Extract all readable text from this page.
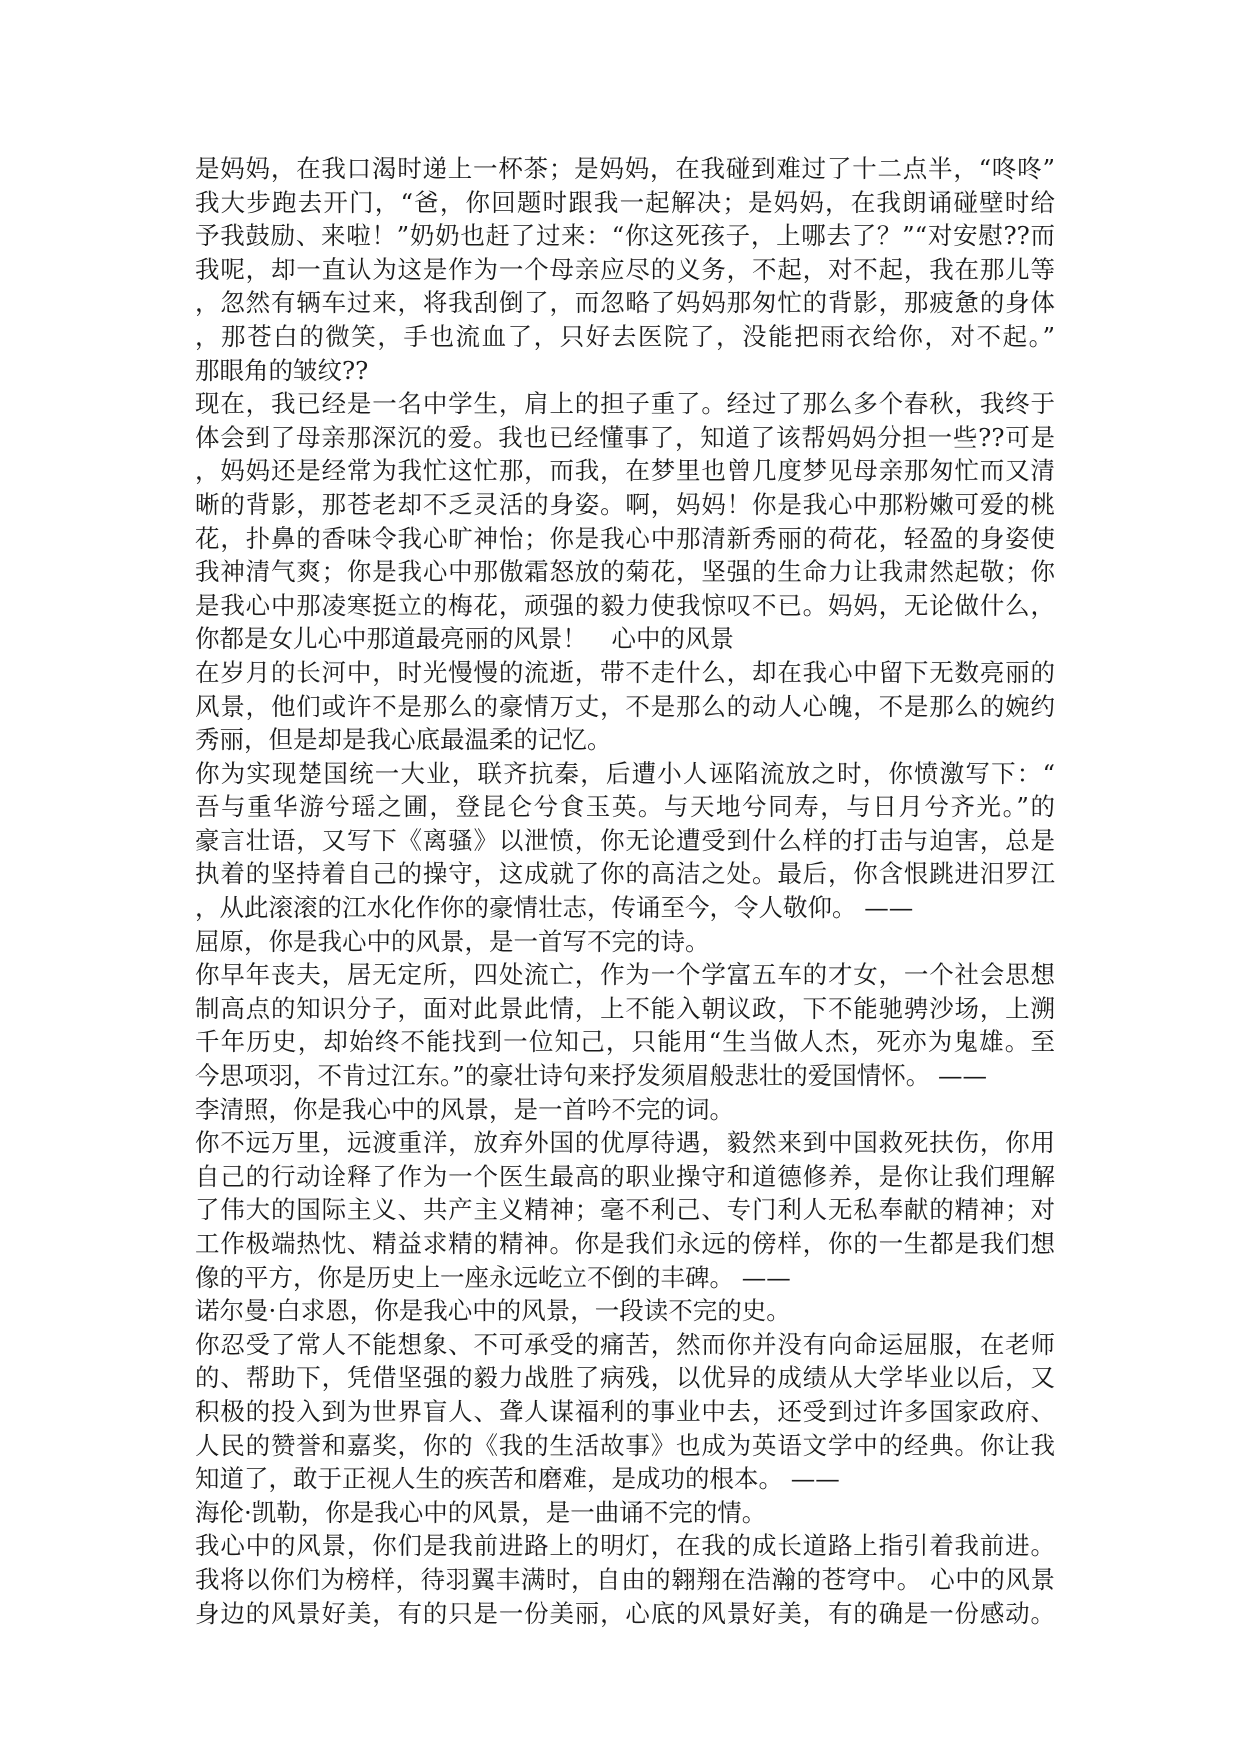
是妈妈，在我口渴时递上一杯茶；是妈妈，在我碰到难过了十二点半，“咚咚”
我大步跑去开门，“爸，你回题时跟我一起解决；是妈妈，在我朗诵碰壁时给
予我鼓励、来啦！”奶奶也赶了过来：“你这死孩子，上哪去了？”“对安慰??而
我呢，却一直认为这是作为一个母亲应尽的义务，不起，对不起，我在那儿等
，忽然有辆车过来，将我刮倒了，而忽略了妈妈那匆忙的背影，那疲惫的身体
，那苍白的微笑，手也流血了，只好去医院了，没能把雨衣给你，对不起。”
那眼角的皱纹??
现在，我已经是一名中学生，肩上的担子重了。经过了那么多个春秋，我终于
体会到了母亲那深沉的爱。我也已经懂事了，知道了该帮妈妈分担一些??可是
，妈妈还是经常为我忙这忙那，而我，在梦里也曾几度梦见母亲那匆忙而又清
晰的背影，那苍老却不乏灵活的身姿。啊，妈妈！你是我心中那粉嫩可爱的桃
花，扑鼻的香味令我心旷神怡；你是我心中那清新秀丽的荷花，轻盈的身姿使
我神清气爽；你是我心中那傲霜怒放的菊花，坚强的生命力让我肃然起敬；你
是我心中那凌寒挺立的梅花，顽强的毅力使我惊叹不已。妈妈，无论做什么，
你都是女儿心中那道最亮丽的风景！　心中的风景
在岁月的长河中，时光慢慢的流逝，带不走什么，却在我心中留下无数亮丽的
风景，他们或许不是那么的豪情万丈，不是那么的动人心魄，不是那么的婉约
秀丽，但是却是我心底最温柔的记忆。
你为实现楚国统一大业，联齐抗秦，后遭小人诬陷流放之时，你愤激写下：“
吾与重华游兮瑶之圃，登昆仑兮食玉英。与天地兮同寿，与日月兮齐光。”的
豪言壮语，又写下《离骚》以泄愤，你无论遭受到什么样的打击与迫害，总是
执着的坚持着自己的操守，这成就了你的高洁之处。最后，你含恨跳进汨罗江
，从此滚滚的江水化作你的豪情壮志，传诵至今，令人敬仰。 ——
屈原，你是我心中的风景，是一首写不完的诗。
你早年丧夫，居无定所，四处流亡，作为一个学富五车的才女，一个社会思想
制高点的知识分子，面对此景此情，上不能入朝议政，下不能驰骋沙场，上溯
千年历史，却始终不能找到一位知己，只能用“生当做人杰，死亦为鬼雄。至
今思项羽，不肯过江东。”的豪壮诗句来抒发须眉般悲壮的爱国情怀。 ——
李清照，你是我心中的风景，是一首吟不完的词。
你不远万里，远渡重洋，放弃外国的优厚待遇，毅然来到中国救死扶伤，你用
自己的行动诠释了作为一个医生最高的职业操守和道德修养，是你让我们理解
了伟大的国际主义、共产主义精神；毫不利己、专门利人无私奉献的精神；对
工作极端热忱、精益求精的精神。你是我们永远的傍样，你的一生都是我们想
像的平方，你是历史上一座永远屹立不倒的丰碑。 ——
诺尔曼·白求恩，你是我心中的风景，一段读不完的史。
你忍受了常人不能想象、不可承受的痛苦，然而你并没有向命运屈服，在老师
的、帮助下，凭借坚强的毅力战胜了病残，以优异的成绩从大学毕业以后，又
积极的投入到为世界盲人、聋人谋福利的事业中去，还受到过许多国家政府、
人民的赞誉和嘉奖，你的《我的生活故事》也成为英语文学中的经典。你让我
知道了，敢于正视人生的疾苦和磨难，是成功的根本。 ——
海伦·凯勒，你是我心中的风景，是一曲诵不完的情。
我心中的风景，你们是我前进路上的明灯，在我的成长道路上指引着我前进。
我将以你们为榜样，待羽翼丰满时，自由的翱翔在浩瀚的苍穹中。 心中的风景
身边的风景好美，有的只是一份美丽，心底的风景好美，有的确是一份感动。
